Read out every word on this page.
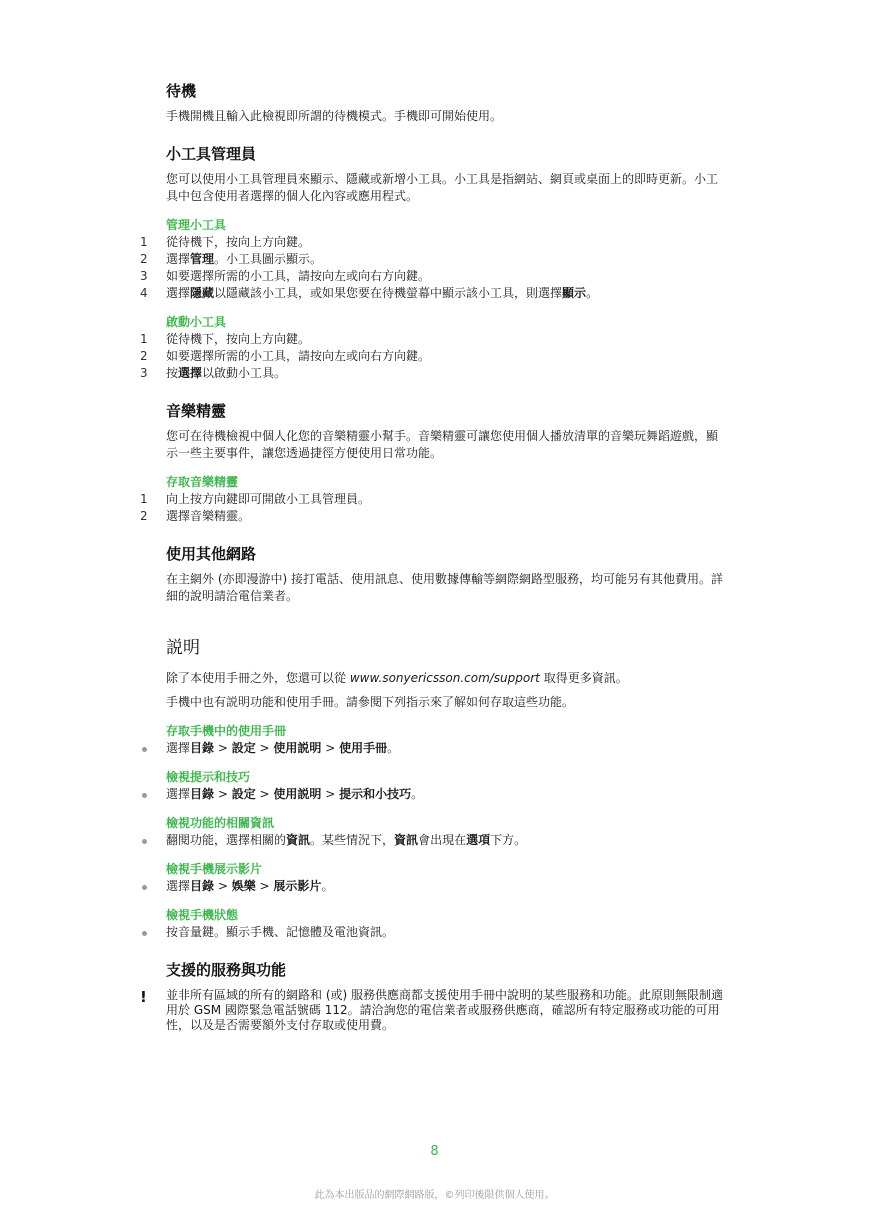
待機

手機開機且輸入此檢視即所謂的待機模式。手機即可開始使用。

小工具管理員

您可以使用小工具管理員來顯示、隱藏或新增小工具。小工具是指網站、網頁或桌面上的即時更新。小工具中包含使用者選擇的個人化內容或應用程式。

管理小工具
1	從待機下，按向上方向鍵。
2	選擇管理。小工具圖示顯示。
3	如要選擇所需的小工具，請按向左或向右方向鍵。
4	選擇隱藏以隱藏該小工具，或如果您要在待機螢幕中顯示該小工具，則選擇顯示。
啟動小工具
1	從待機下，按向上方向鍵。
2	如要選擇所需的小工具，請按向左或向右方向鍵。
3	按選擇以啟動小工具。
音樂精靈

您可在待機檢視中個人化您的音樂精靈小幫手。音樂精靈可讓您使用個人播放清單的音樂玩舞蹈遊戲，顯示一些主要事件，讓您透過捷徑方便使用日常功能。

存取音樂精靈
1	向上按方向鍵即可開啟小工具管理員。
2	選擇音樂精靈。
使用其他網路

在主網外 (亦即漫游中) 接打電話、使用訊息、使用數據傳輸等網際網路型服務，均可能另有其他費用。詳細的說明請洽電信業者。

説明

除了本使用手冊之外，您還可以從 www.sonyericsson.com/support 取得更多資訊。

手機中也有説明功能和使用手冊。請參閱下列指示來了解如何存取這些功能。

存取手機中的使用手冊
選擇目錄 > 設定 > 使用説明 > 使用手冊。
檢視提示和技巧
選擇目錄 > 設定 > 使用説明 > 提示和小技巧。
檢視功能的相關資訊
翻閱功能，選擇相關的資訊。某些情況下，資訊會出現在選項下方。
檢視手機展示影片
選擇目錄 > 娛樂 > 展示影片。
檢視手機狀態
按音量鍵。顯示手機、記憶體及電池資訊。
支援的服務與功能
! 並非所有區域的所有的網路和 (或) 服務供應商都支援使用手冊中說明的某些服務和功能。此原則無限制適用於 GSM 國際緊急電話號碼 112。請洽詢您的電信業者或服務供應商，確認所有特定服務或功能的可用性，以及是否需要額外支付存取或使用費。

8
此為本出版品的網際網路版，©列印後限供個人使用。
